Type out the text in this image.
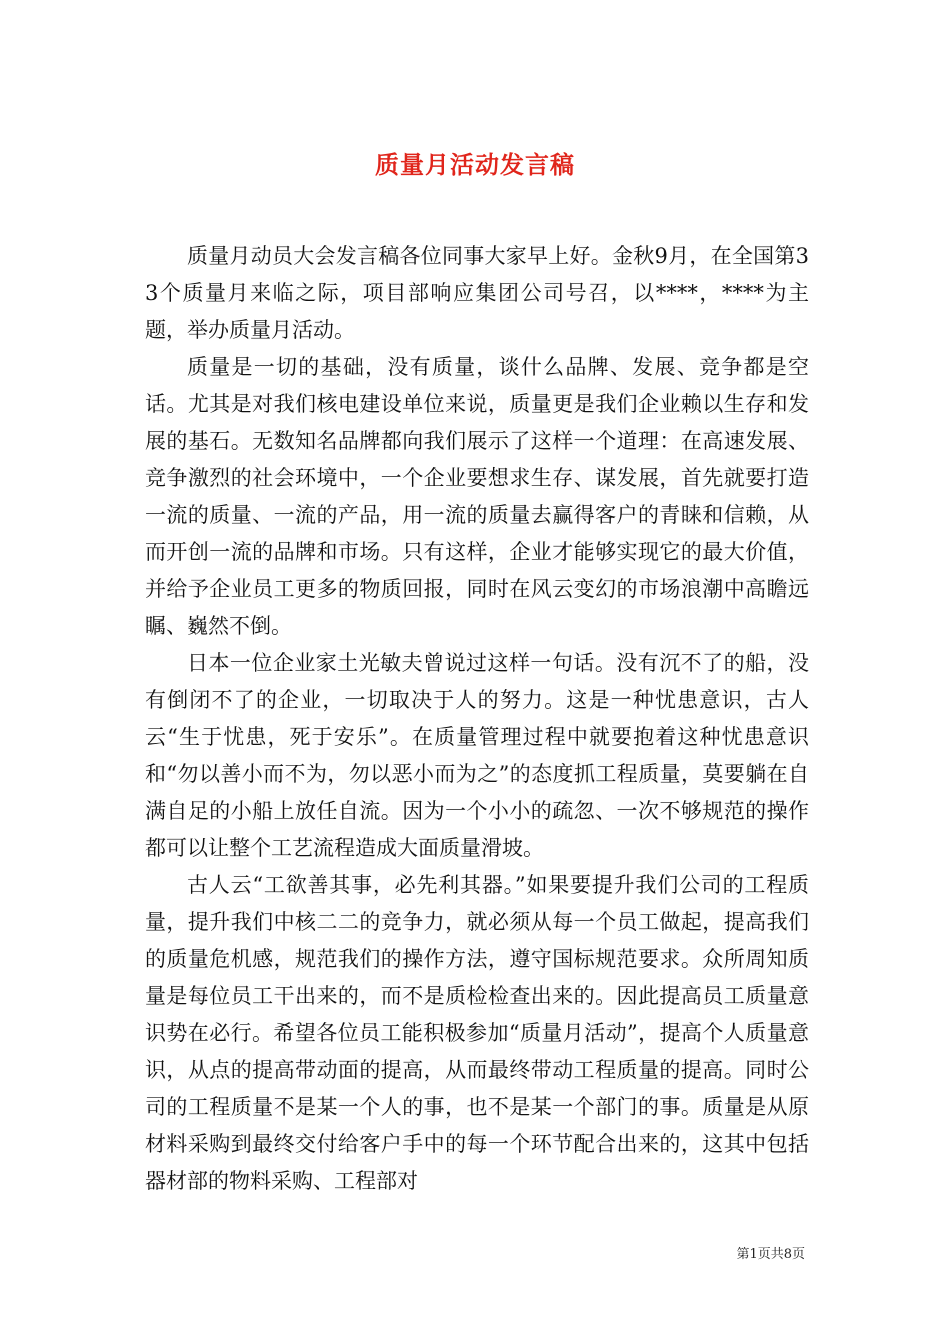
质量月活动发言稿

质量月动员大会发言稿各位同事大家早上好。金秋9月，在全国第33个质量月来临之际，项目部响应集团公司号召，以****，****为主题，举办质量月活动。

质量是一切的基础，没有质量，谈什么品牌、发展、竞争都是空话。尤其是对我们核电建设单位来说，质量更是我们企业赖以生存和发展的基石。无数知名品牌都向我们展示了这样一个道理：在高速发展、竞争激烈的社会环境中，一个企业要想求生存、谋发展，首先就要打造一流的质量、一流的产品，用一流的质量去赢得客户的青睐和信赖，从而开创一流的品牌和市场。只有这样，企业才能够实现它的最大价值，并给予企业员工更多的物质回报，同时在风云变幻的市场浪潮中高瞻远瞩、巍然不倒。

日本一位企业家土光敏夫曾说过这样一句话。没有沉不了的船，没有倒闭不了的企业，一切取决于人的努力。这是一种忧患意识，古人云“生于忧患，死于安乐”。在质量管理过程中就要抱着这种忧患意识和“勿以善小而不为，勿以恶小而为之”的态度抓工程质量，莫要躺在自满自足的小船上放任自流。因为一个小小的疏忽、一次不够规范的操作都可以让整个工艺流程造成大面质量滑坡。

古人云“工欲善其事，必先利其器。”如果要提升我们公司的工程质量，提升我们中核二二的竞争力，就必须从每一个员工做起，提高我们的质量危机感，规范我们的操作方法，遵守国标规范要求。众所周知质量是每位员工干出来的，而不是质检检查出来的。因此提高员工质量意识势在必行。希望各位员工能积极参加“质量月活动”，提高个人质量意识，从点的提高带动面的提高，从而最终带动工程质量的提高。同时公司的工程质量不是某一个人的事，也不是某一个部门的事。质量是从原材料采购到最终交付给客户手中的每一个环节配合出来的，这其中包括器材部的物料采购、工程部对

第1页共8页
